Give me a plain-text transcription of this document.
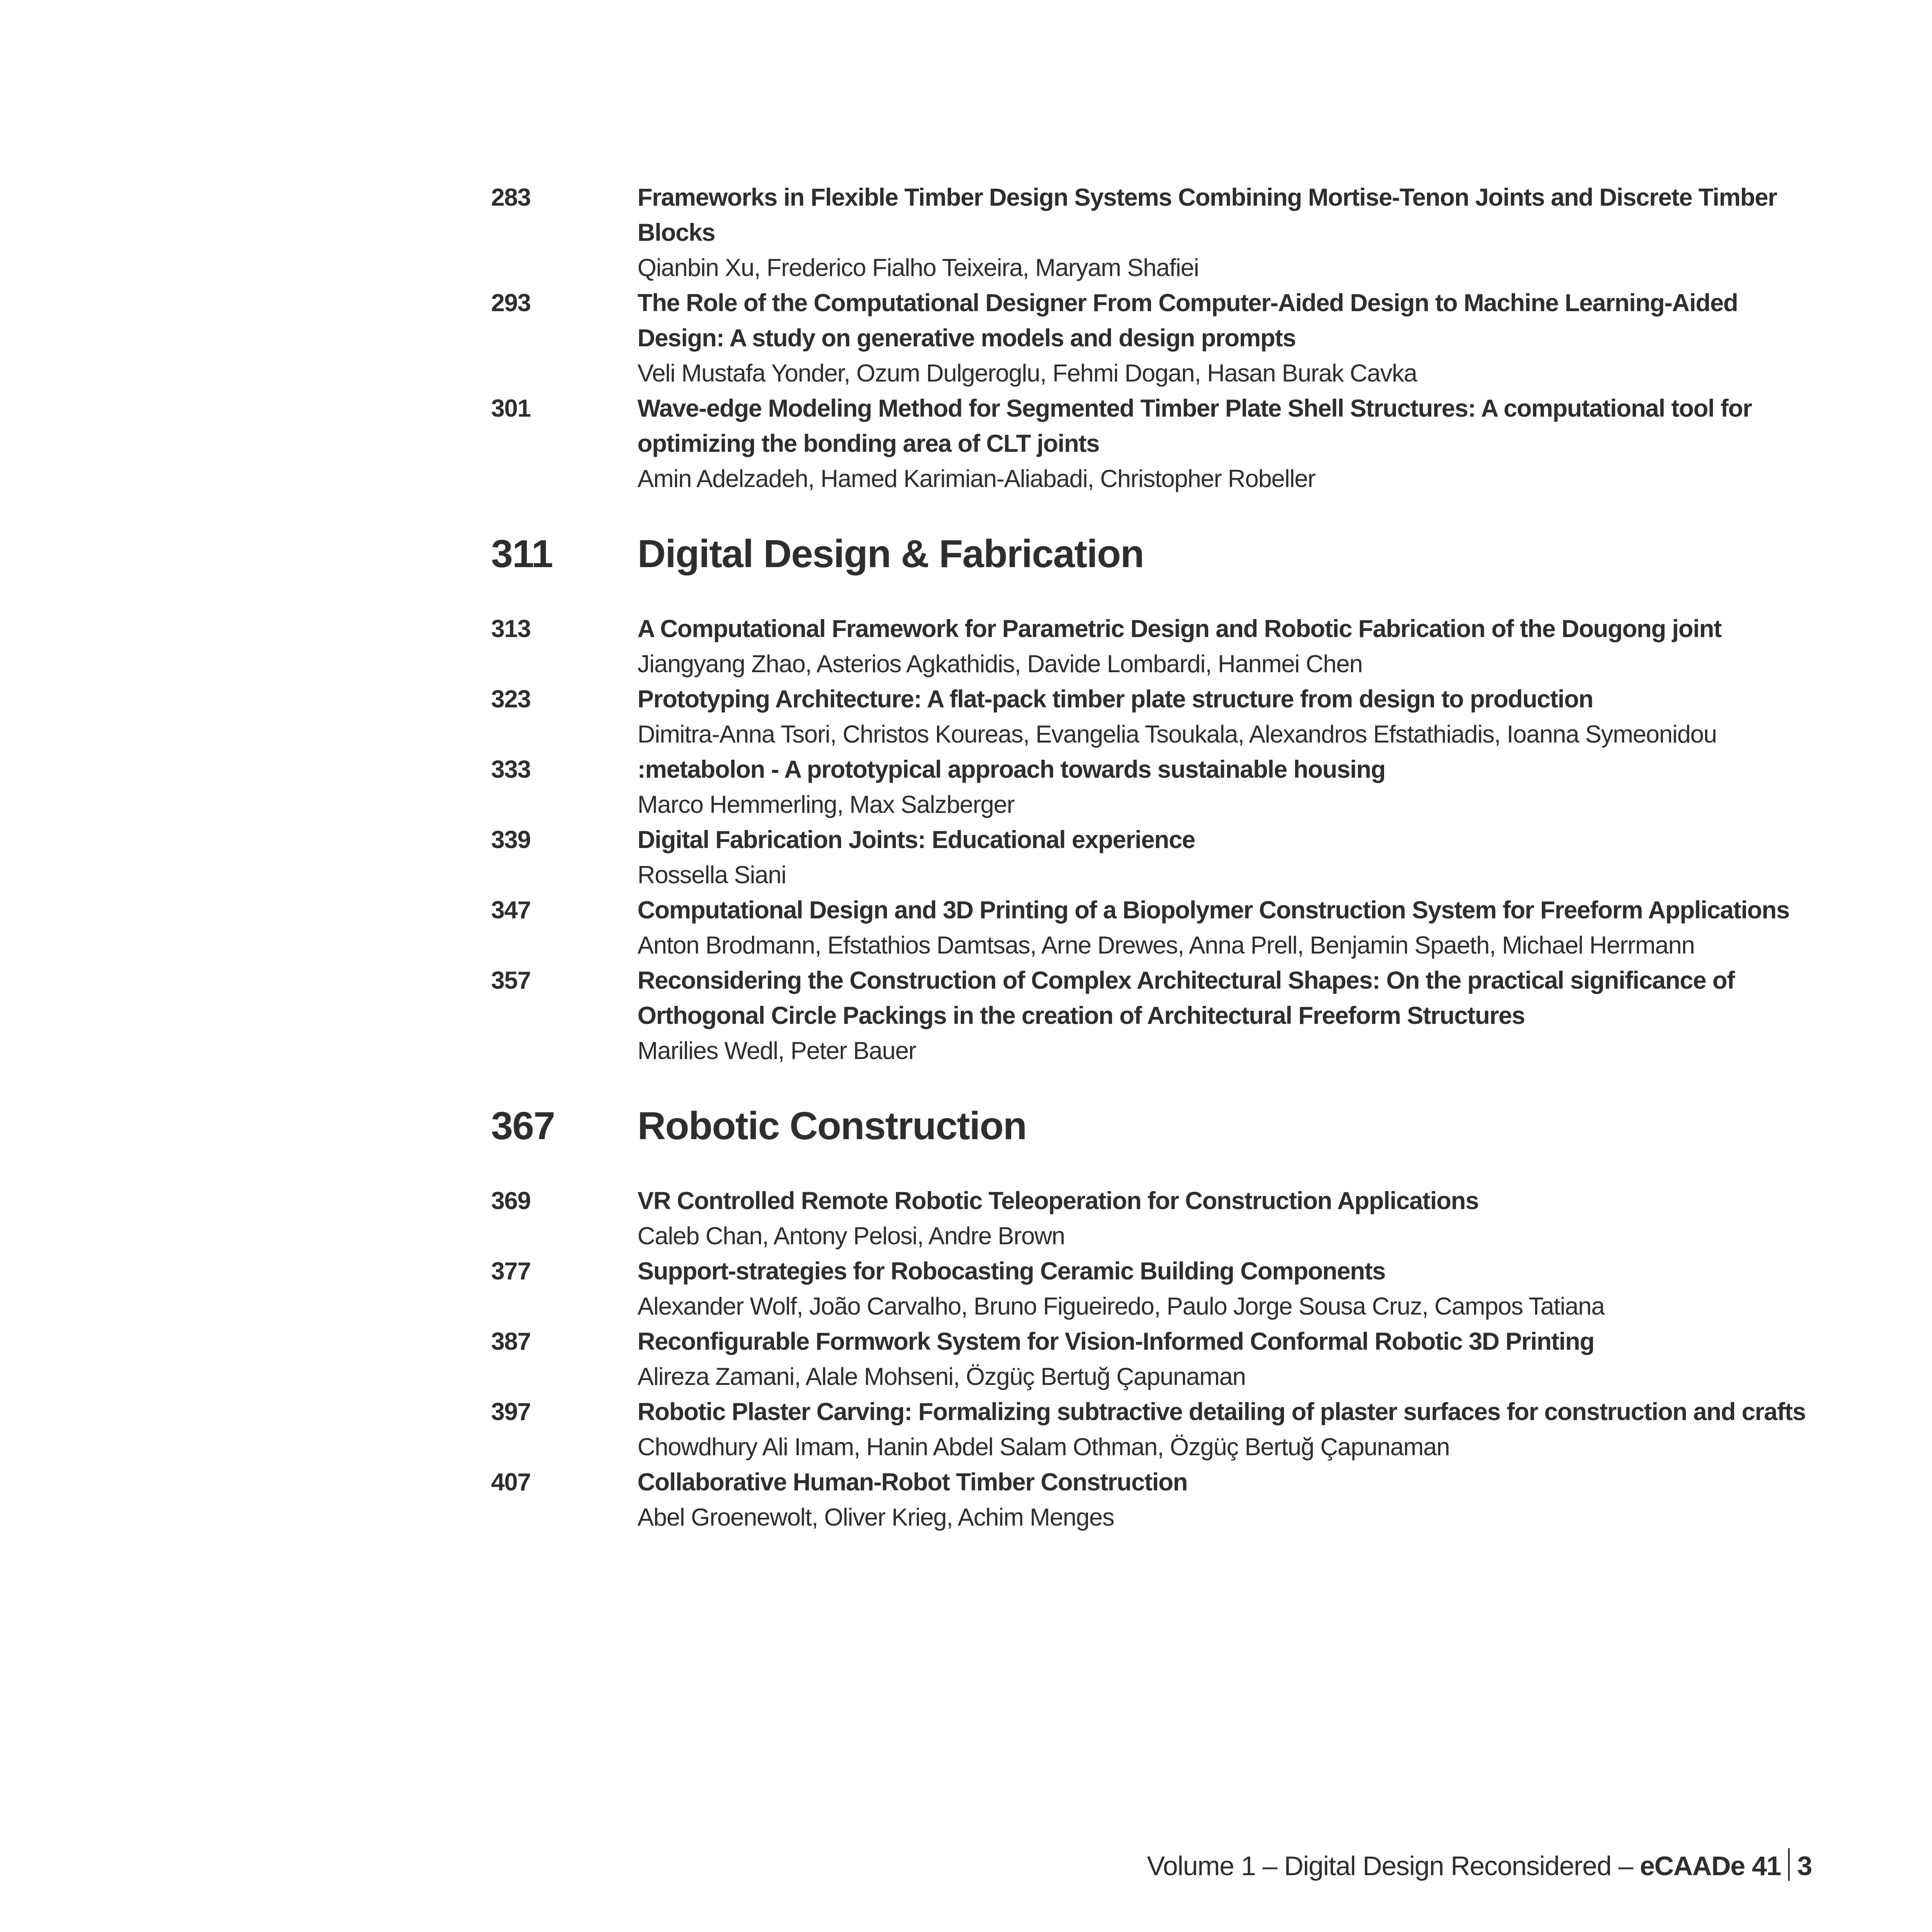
283	Frameworks in Flexible Timber Design Systems Combining Mortise-Tenon Joints and Discrete Timber Blocks
Qianbin Xu, Frederico Fialho Teixeira, Maryam Shafiei
293	The Role of the Computational Designer From Computer-Aided Design to Machine Learning-Aided Design: A study on generative models and design prompts
Veli Mustafa Yonder, Ozum Dulgeroglu, Fehmi Dogan, Hasan Burak Cavka
301	Wave-edge Modeling Method for Segmented Timber Plate Shell Structures: A computational tool for optimizing the bonding area of CLT joints
Amin Adelzadeh, Hamed Karimian-Aliabadi, Christopher Robeller
311	Digital Design & Fabrication
313	A Computational Framework for Parametric Design and Robotic Fabrication of the Dougong joint
Jiangyang Zhao, Asterios Agkathidis, Davide Lombardi, Hanmei Chen
323	Prototyping Architecture: A flat-pack timber plate structure from design to production
Dimitra-Anna Tsori, Christos Koureas, Evangelia Tsoukala, Alexandros Efstathiadis, Ioanna Symeonidou
333	:metabolon - A prototypical approach towards sustainable housing
Marco Hemmerling, Max Salzberger
339	Digital Fabrication Joints: Educational experience
Rossella Siani
347	Computational Design and 3D Printing of a Biopolymer Construction System for Freeform Applications
Anton Brodmann, Efstathios Damtsas, Arne Drewes, Anna Prell, Benjamin Spaeth, Michael Herrmann
357	Reconsidering the Construction of Complex Architectural Shapes: On the practical significance of Orthogonal Circle Packings in the creation of Architectural Freeform Structures
Marilies Wedl, Peter Bauer
367	Robotic Construction
369	VR Controlled Remote Robotic Teleoperation for Construction Applications
Caleb Chan, Antony Pelosi, Andre Brown
377	Support-strategies for Robocasting Ceramic Building Components
Alexander Wolf, João Carvalho, Bruno Figueiredo, Paulo Jorge Sousa Cruz, Campos Tatiana
387	Reconfigurable Formwork System for Vision-Informed Conformal Robotic 3D Printing
Alireza Zamani, Alale Mohseni, Özgüç Bertuğ Çapunaman
397	Robotic Plaster Carving: Formalizing subtractive detailing of plaster surfaces for construction and crafts
Chowdhury Ali Imam, Hanin Abdel Salam Othman, Özgüç Bertuğ Çapunaman
407	Collaborative Human-Robot Timber Construction
Abel Groenewolt, Oliver Krieg, Achim Menges
Volume 1 – Digital Design Reconsidered – eCAADe 41 3
